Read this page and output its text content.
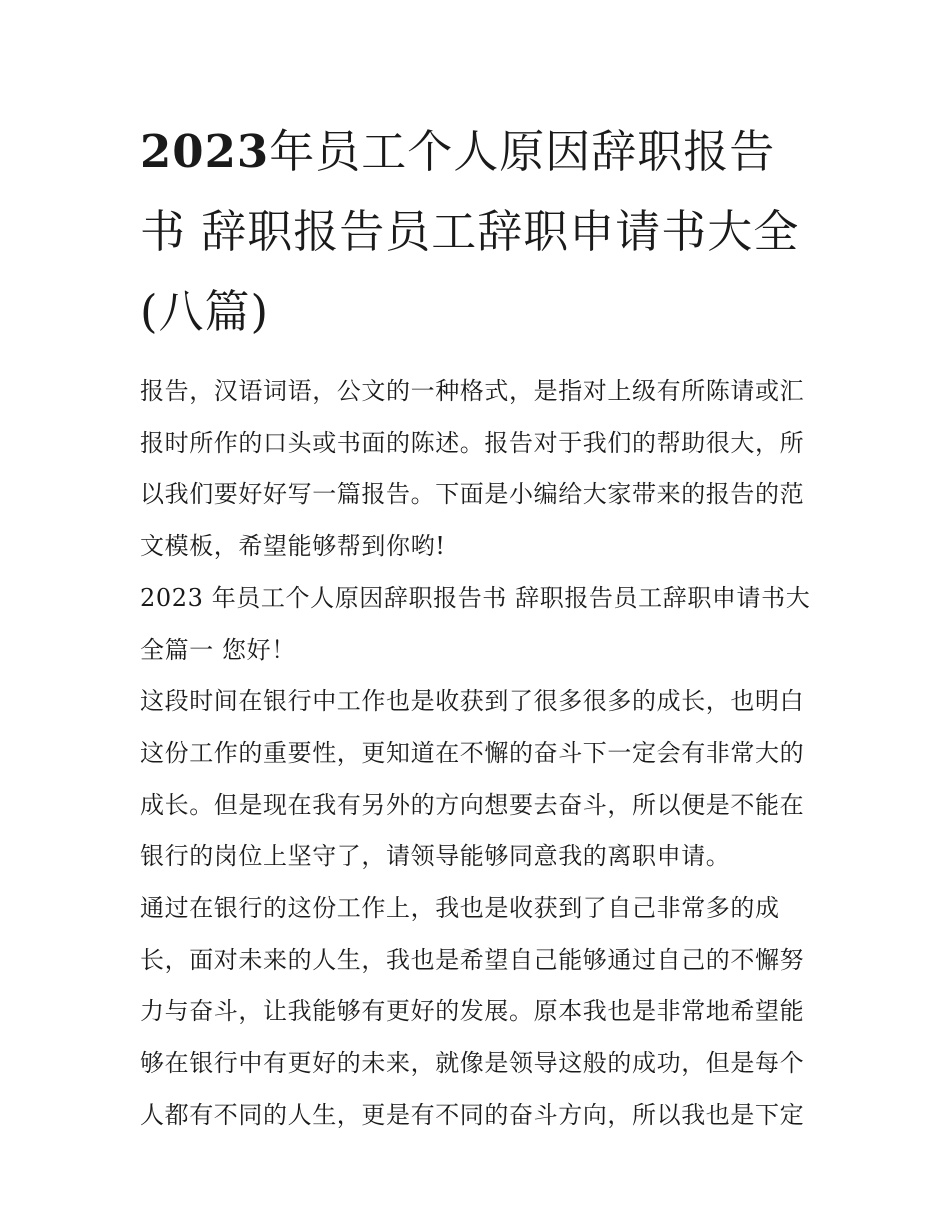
2023年员工个人原因辞职报告书 辞职报告员工辞职申请书大全(八篇)

报告，汉语词语，公文的一种格式，是指对上级有所陈请或汇报时所作的口头或书面的陈述。报告对于我们的帮助很大，所以我们要好好写一篇报告。下面是小编给大家带来的报告的范文模板，希望能够帮到你哟!

2023 年员工个人原因辞职报告书 辞职报告员工辞职申请书大全篇一 您好！

这段时间在银行中工作也是收获到了很多很多的成长，也明白这份工作的重要性，更知道在不懈的奋斗下一定会有非常大的成长。但是现在我有另外的方向想要去奋斗，所以便是不能在银行的岗位上坚守了，请领导能够同意我的离职申请。

通过在银行的这份工作上，我也是收获到了自己非常多的成长，面对未来的人生，我也是希望自己能够通过自己的不懈努力与奋斗，让我能够有更好的发展。原本我也是非常地希望能够在银行中有更好的未来，就像是领导这般的成功，但是每个人都有不同的人生，更是有不同的奋斗方向，所以我也是下定
